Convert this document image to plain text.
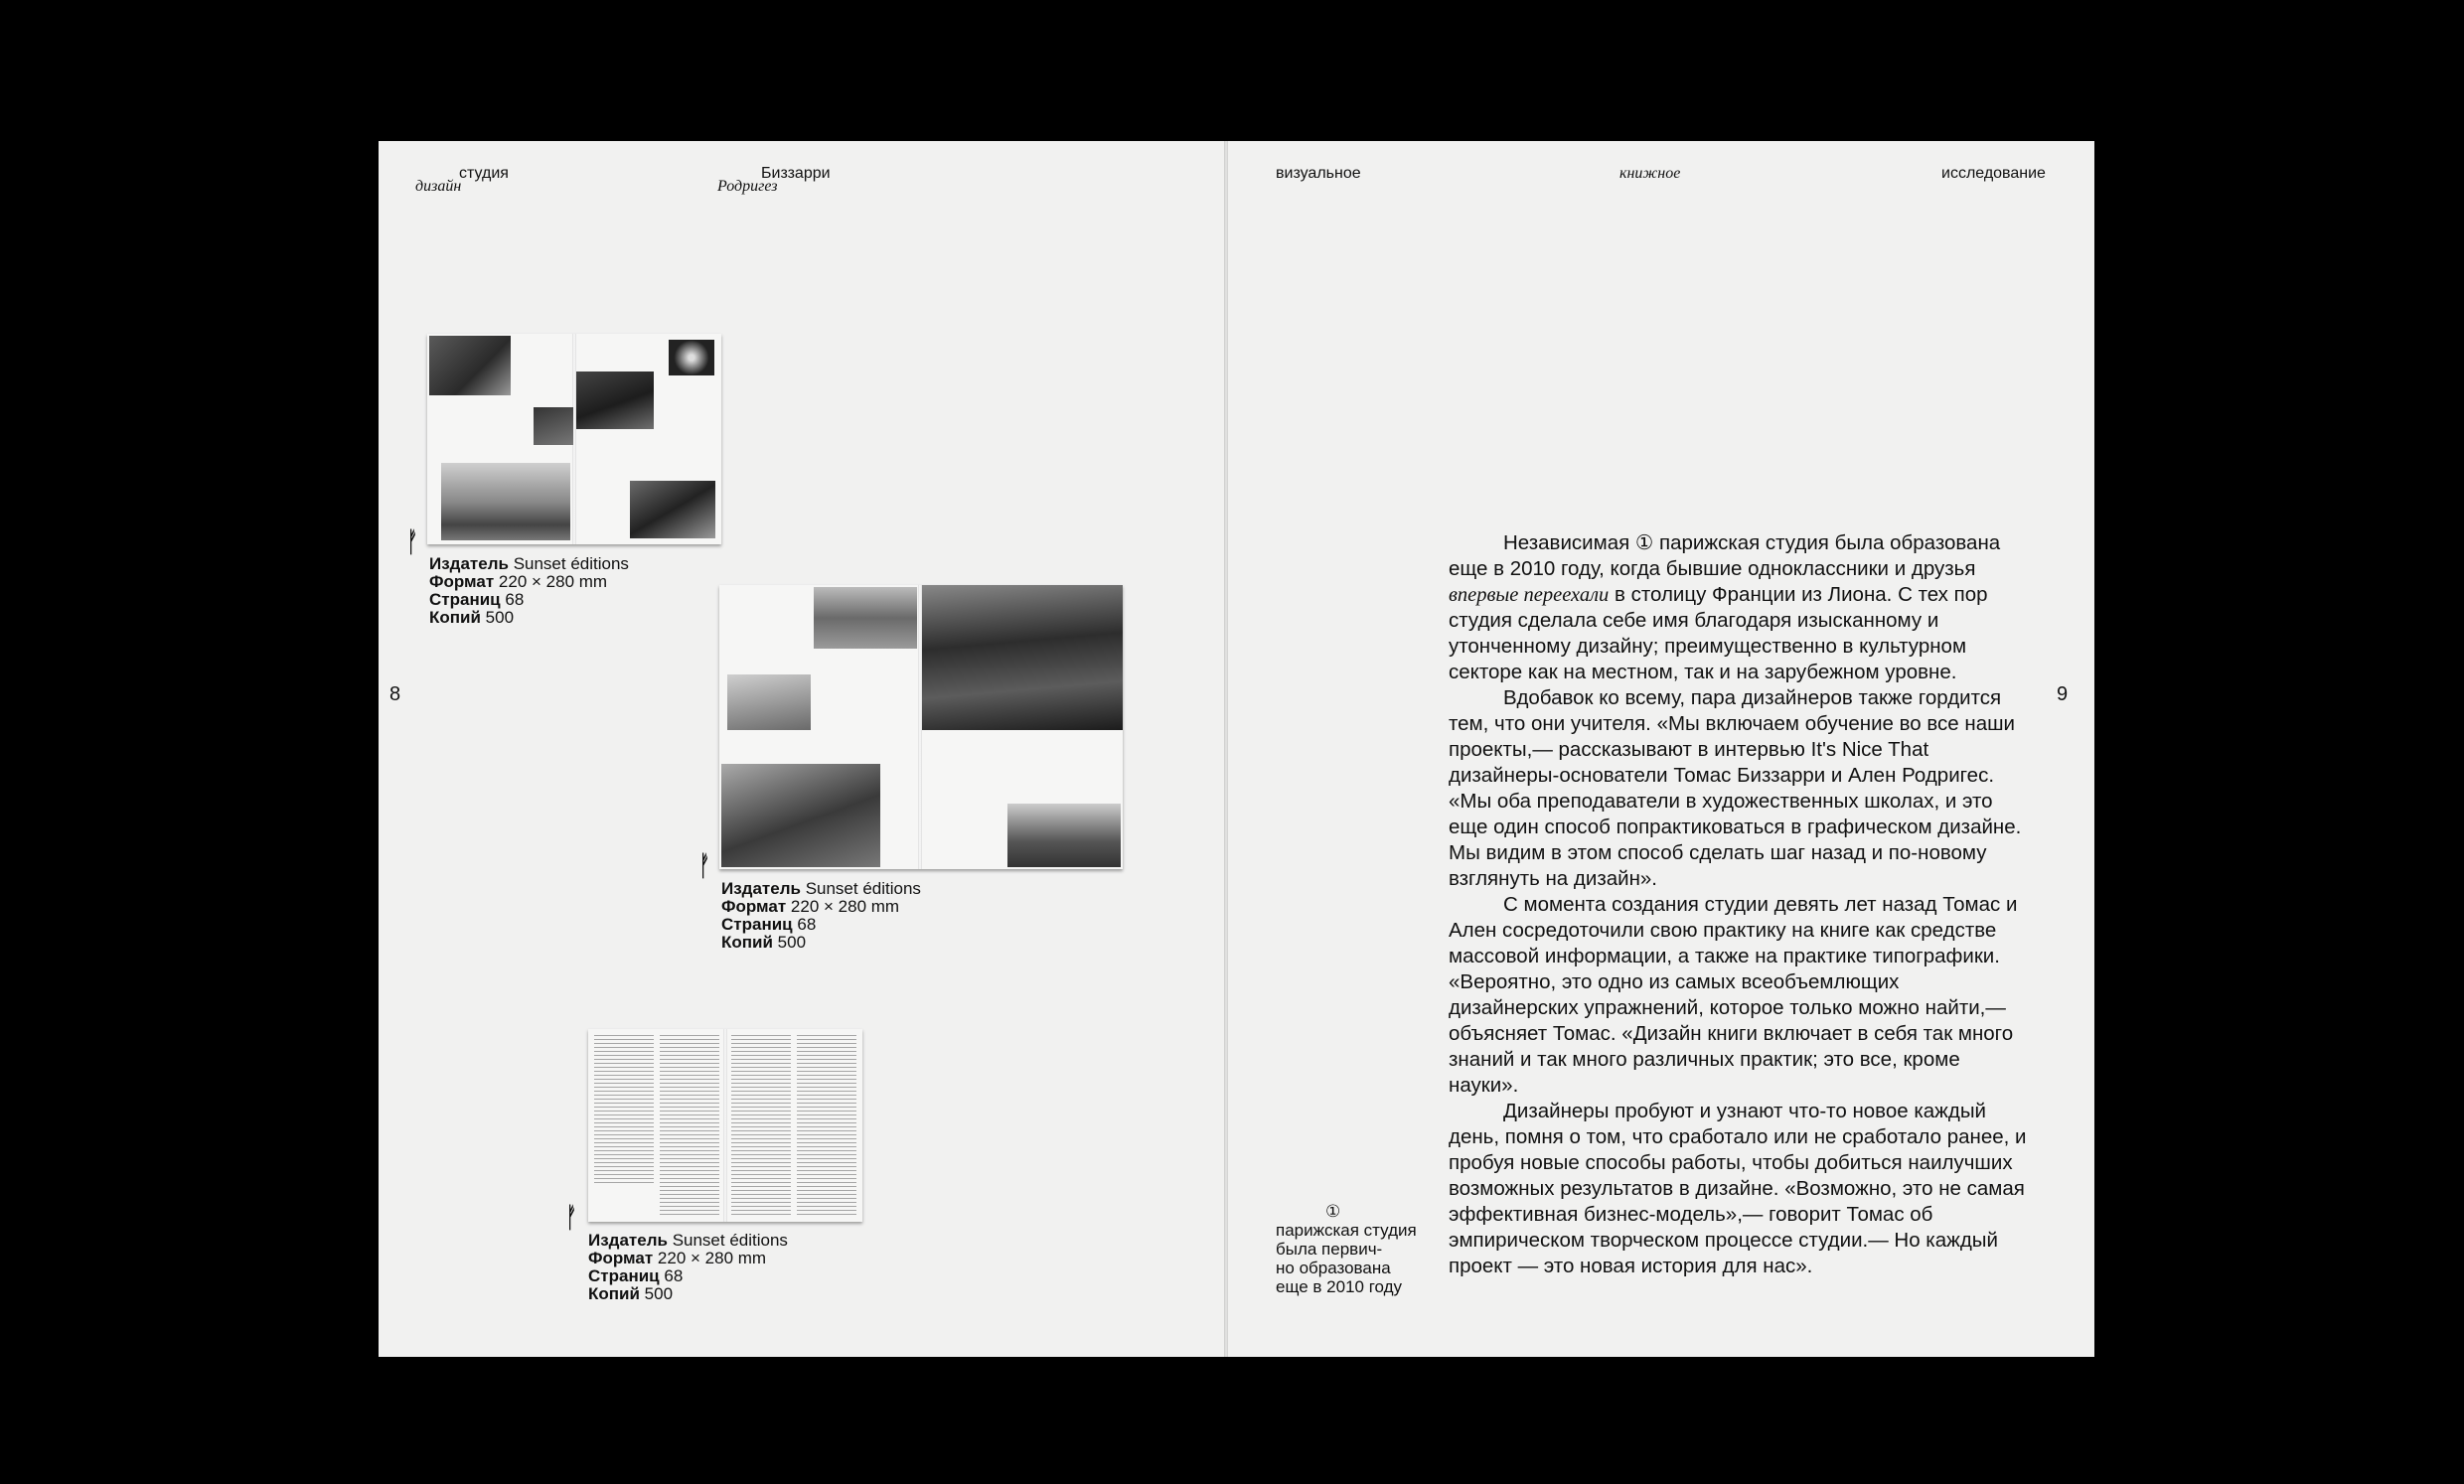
студия
дизайн
Биззарри
Родригез
8
ᚠ
Издатель Sunset éditions
Формат 220 × 280 mm
Страниц 68
Копий 500
ᚠ
Издатель Sunset éditions
Формат 220 × 280 mm
Страниц 68
Копий 500
ᚠ
Издатель Sunset éditions
Формат 220 × 280 mm
Страниц 68
Копий 500
визуальное	книжное	исследование
9

Независимая ① парижская студия была образована еще в 2010 году, когда бывшие одноклассники и друзья впервые переехали в столицу Франции из Лиона. С тех пор студия сделала себе имя благодаря изысканному и утонченному дизайну; преимущественно в культурном секторе как на местном, так и на зарубежном уровне.

Вдобавок ко всему, пара дизайнеров также гордится тем, что они учителя. «Мы включаем обучение во все наши проекты,— рассказывают в интервью It's Nice That дизайнеры-основатели Томас Биззарри и Ален Родригес. «Мы оба преподаватели в художественных школах, и это еще один способ попрактиковаться в графическом дизайне. Мы видим в этом способ сделать шаг назад и по-новому взглянуть на дизайн».

С момента создания студии девять лет назад Томас и Ален сосредоточили свою практику на книге как средстве массовой информации, а также на практике типографики. «Вероятно, это одно из самых всеобъемлющих дизайнерских упражнений, которое только можно найти,— объясняет Томас. «Дизайн книги включает в себя так много знаний и так много различных практик; это все, кроме науки».

Дизайнеры пробуют и узнают что-то новое каждый день, помня о том, что сработало или не сработало ранее, и пробуя новые способы работы, чтобы добиться наилучших возможных результатов в дизайне. «Возможно, это не самая эффективная бизнес-модель»,— говорит Томас об эмпирическом творческом процессе студии.— Но каждый проект — это новая история для нас».

①
парижская студия
была первич-
но образована
еще в 2010 году
